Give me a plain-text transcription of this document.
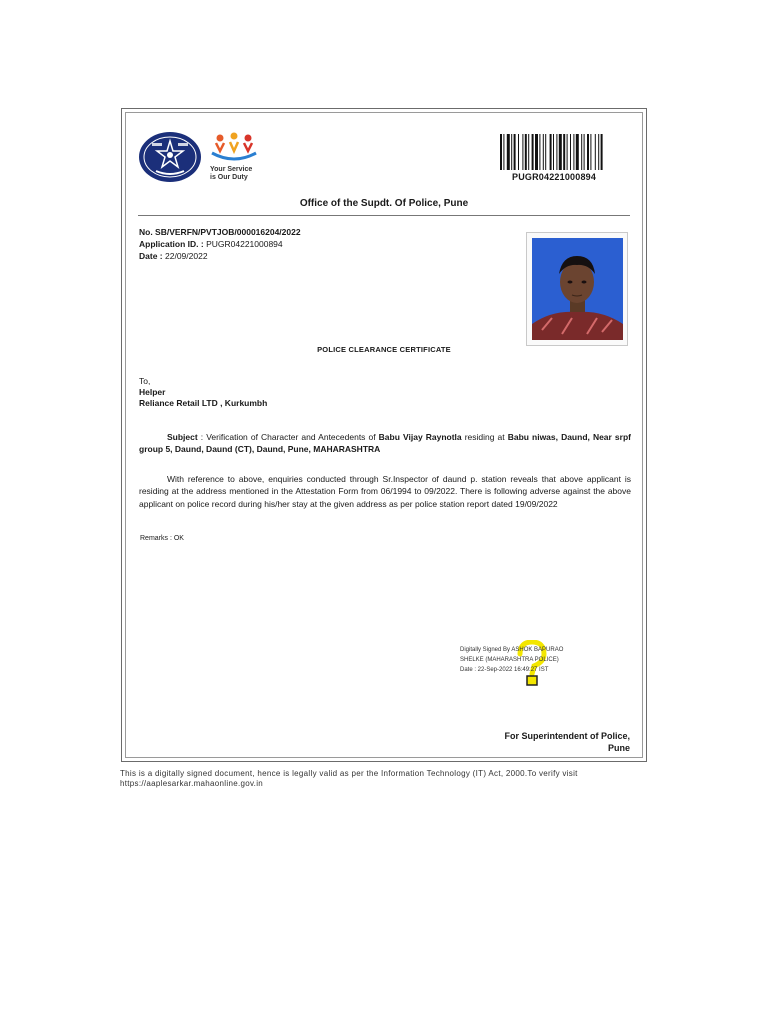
Your Service
is Our Duty	PUGR04221000894
Office of the Supdt. Of Police, Pune
No. SB/VERFN/PVTJOB/000016204/2022
Application ID. : PUGR04221000894
Date : 22/09/2022
POLICE CLEARANCE CERTIFICATE
To,
Helper
Reliance Retail LTD , Kurkumbh
Subject : Verification of Character and Antecedents of Babu Vijay Raynotla residing at Babu niwas, Daund, Near srpf group 5, Daund, Daund (CT), Daund, Pune, MAHARASHTRA
With reference to above, enquiries conducted through Sr.Inspector of daund p. station reveals that above applicant is residing at the address mentioned in the Attestation Form from 06/1994 to 09/2022. There is following adverse against the above applicant on police record during his/her stay at the given address as per police station report dated 19/09/2022
Remarks : OK
Digitally Signed By ASHOK BAPURAO
SHELKE (MAHARASHTRA POLICE)
Date : 22-Sep-2022 16:49:27 IST
For Superintendent of Police,
Pune
This is a digitally signed document, hence is legally valid as per the Information Technology (IT) Act, 2000.To verify visit
https://aaplesarkar.mahaonline.gov.in
